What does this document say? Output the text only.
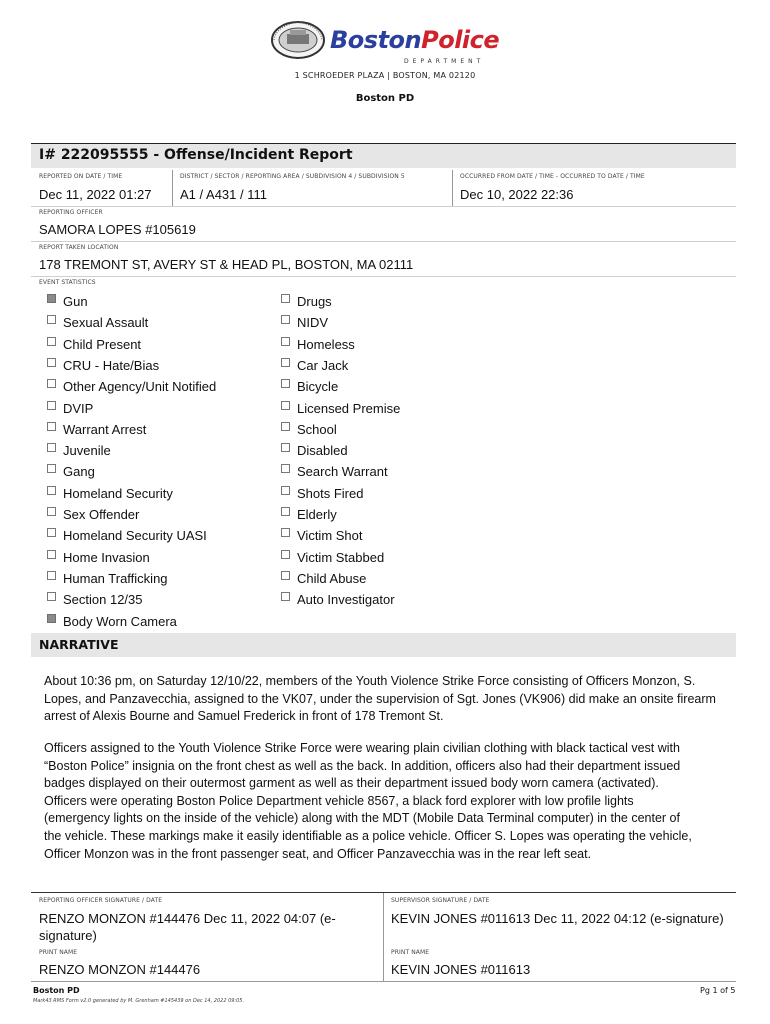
BostonPolice
DEPARTMENT
1 SCHROEDER PLAZA | BOSTON, MA 02120
Boston PD
I# 222095555 - Offense/Incident Report
REPORTED ON DATE / TIME
Dec 11, 2022 01:27
DISTRICT / SECTOR / REPORTING AREA / SUBDIVISION 4 / SUBDIVISION 5
A1 / A431 / 111
OCCURRED FROM DATE / TIME - OCCURRED TO DATE / TIME
Dec 10, 2022 22:36
REPORTING OFFICER
SAMORA LOPES #105619
REPORT TAKEN LOCATION
178 TREMONT ST, AVERY ST & HEAD PL, BOSTON, MA 02111
EVENT STATISTICS
Gun
Sexual Assault
Child Present
CRU - Hate/Bias
Other Agency/Unit Notified
DVIP
Warrant Arrest
Juvenile
Gang
Homeland Security
Sex Offender
Homeland Security UASI
Home Invasion
Human Trafficking
Section 12/35
Body Worn Camera
Drugs
NIDV
Homeless
Car Jack
Bicycle
Licensed Premise
School
Disabled
Search Warrant
Shots Fired
Elderly
Victim Shot
Victim Stabbed
Child Abuse
Auto Investigator
NARRATIVE
About 10:36 pm, on Saturday 12/10/22, members of the Youth Violence Strike Force consisting of Officers Monzon, S.
Lopes, and Panzavecchia, assigned to the VK07, under the supervision of Sgt. Jones (VK906) did make an onsite firearm
arrest of Alexis Bourne and Samuel Frederick in front of 178 Tremont St.
Officers assigned to the Youth Violence Strike Force were wearing plain civilian clothing with black tactical vest with
“Boston Police” insignia on the front chest as well as the back. In addition, officers also had their department issued
badges displayed on their outermost garment as well as their department issued body worn camera (activated).
Officers were operating Boston Police Department vehicle 8567, a black ford explorer with low profile lights
(emergency lights on the inside of the vehicle) along with the MDT (Mobile Data Terminal computer) in the center of
the vehicle. These markings make it easily identifiable as a police vehicle. Officer S. Lopes was operating the vehicle,
Officer Monzon was in the front passenger seat, and Officer Panzavecchia was in the rear left seat.
REPORTING OFFICER SIGNATURE / DATE
RENZO MONZON #144476 Dec 11, 2022 04:07 (e-
signature)
PRINT NAME
RENZO MONZON #144476
SUPERVISOR SIGNATURE / DATE
KEVIN JONES #011613 Dec 11, 2022 04:12 (e-signature)
PRINT NAME
KEVIN JONES #011613
Boston PD
Mark43 RMS Form v2.0 generated by M. Grenham #145439 on Dec 14, 2022 09:05.
Pg 1 of 5
